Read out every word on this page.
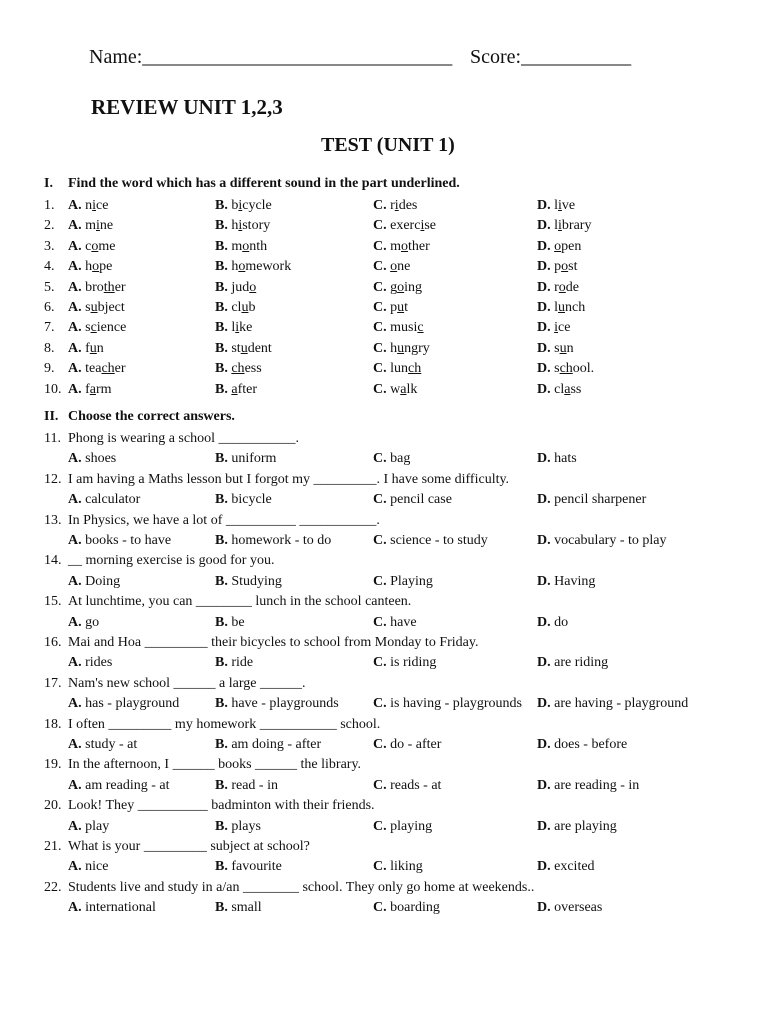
Name:_______________________________ Score:___________
REVIEW UNIT 1,2,3
TEST (UNIT 1)
I. Find the word which has a different sound in the part underlined.
1. A. nice	B. bicycle	C. rides	D. live
2. A. mine	B. history	C. exercise	D. library
3. A. come	B. month	C. mother	D. open
4. A. hope	B. homework	C. one	D. post
5. A. brother	B. judo	C. going	D. rode
6. A. subject	B. club	C. put	D. lunch
7. A. science	B. like	C. music	D. ice
8. A. fun	B. student	C. hungry	D. sun
9. A. teacher	B. chess	C. lunch	D. school.
10. A. farm	B. after	C. walk	D. class
II. Choose the correct answers.
11. Phong is wearing a school ___________.
A. shoes	B. uniform	C. bag	D. hats
12. I am having a Maths lesson but I forgot my _________. I have some difficulty.
A. calculator	B. bicycle	C. pencil case	D. pencil sharpener
13. In Physics, we have a lot of __________ ___________.
A. books - to have	B. homework - to do	C. science - to study	D. vocabulary - to play
14. __ morning exercise is good for you.
A. Doing	B. Studying	C. Playing	D. Having
15. At lunchtime, you can ________ lunch in the school canteen.
A. go	B. be	C. have	D. do
16. Mai and Hoa _________ their bicycles to school from Monday to Friday.
A. rides	B. ride	C. is riding	D. are riding
17. Nam's new school ______ a large ______.
A. has - playground	B. have - playgrounds C. is having - playgrounds D. are having - playground
18. I often _________ my homework ___________ school.
A. study - at	B. am doing - after	C. do - after	D. does - before
19. In the afternoon, I ______ books ______ the library.
A. am reading - at	B. read - in	C. reads - at	D. are reading - in
20. Look! They __________ badminton with their friends.
A. play	B. plays	C. playing	D. are playing
21. What is your _________ subject at school?
A. nice	B. favourite	C. liking	D. excited
22. Students live and study in a/an ________ school. They only go home at weekends..
A. international	B. small	C. boarding	D. overseas
